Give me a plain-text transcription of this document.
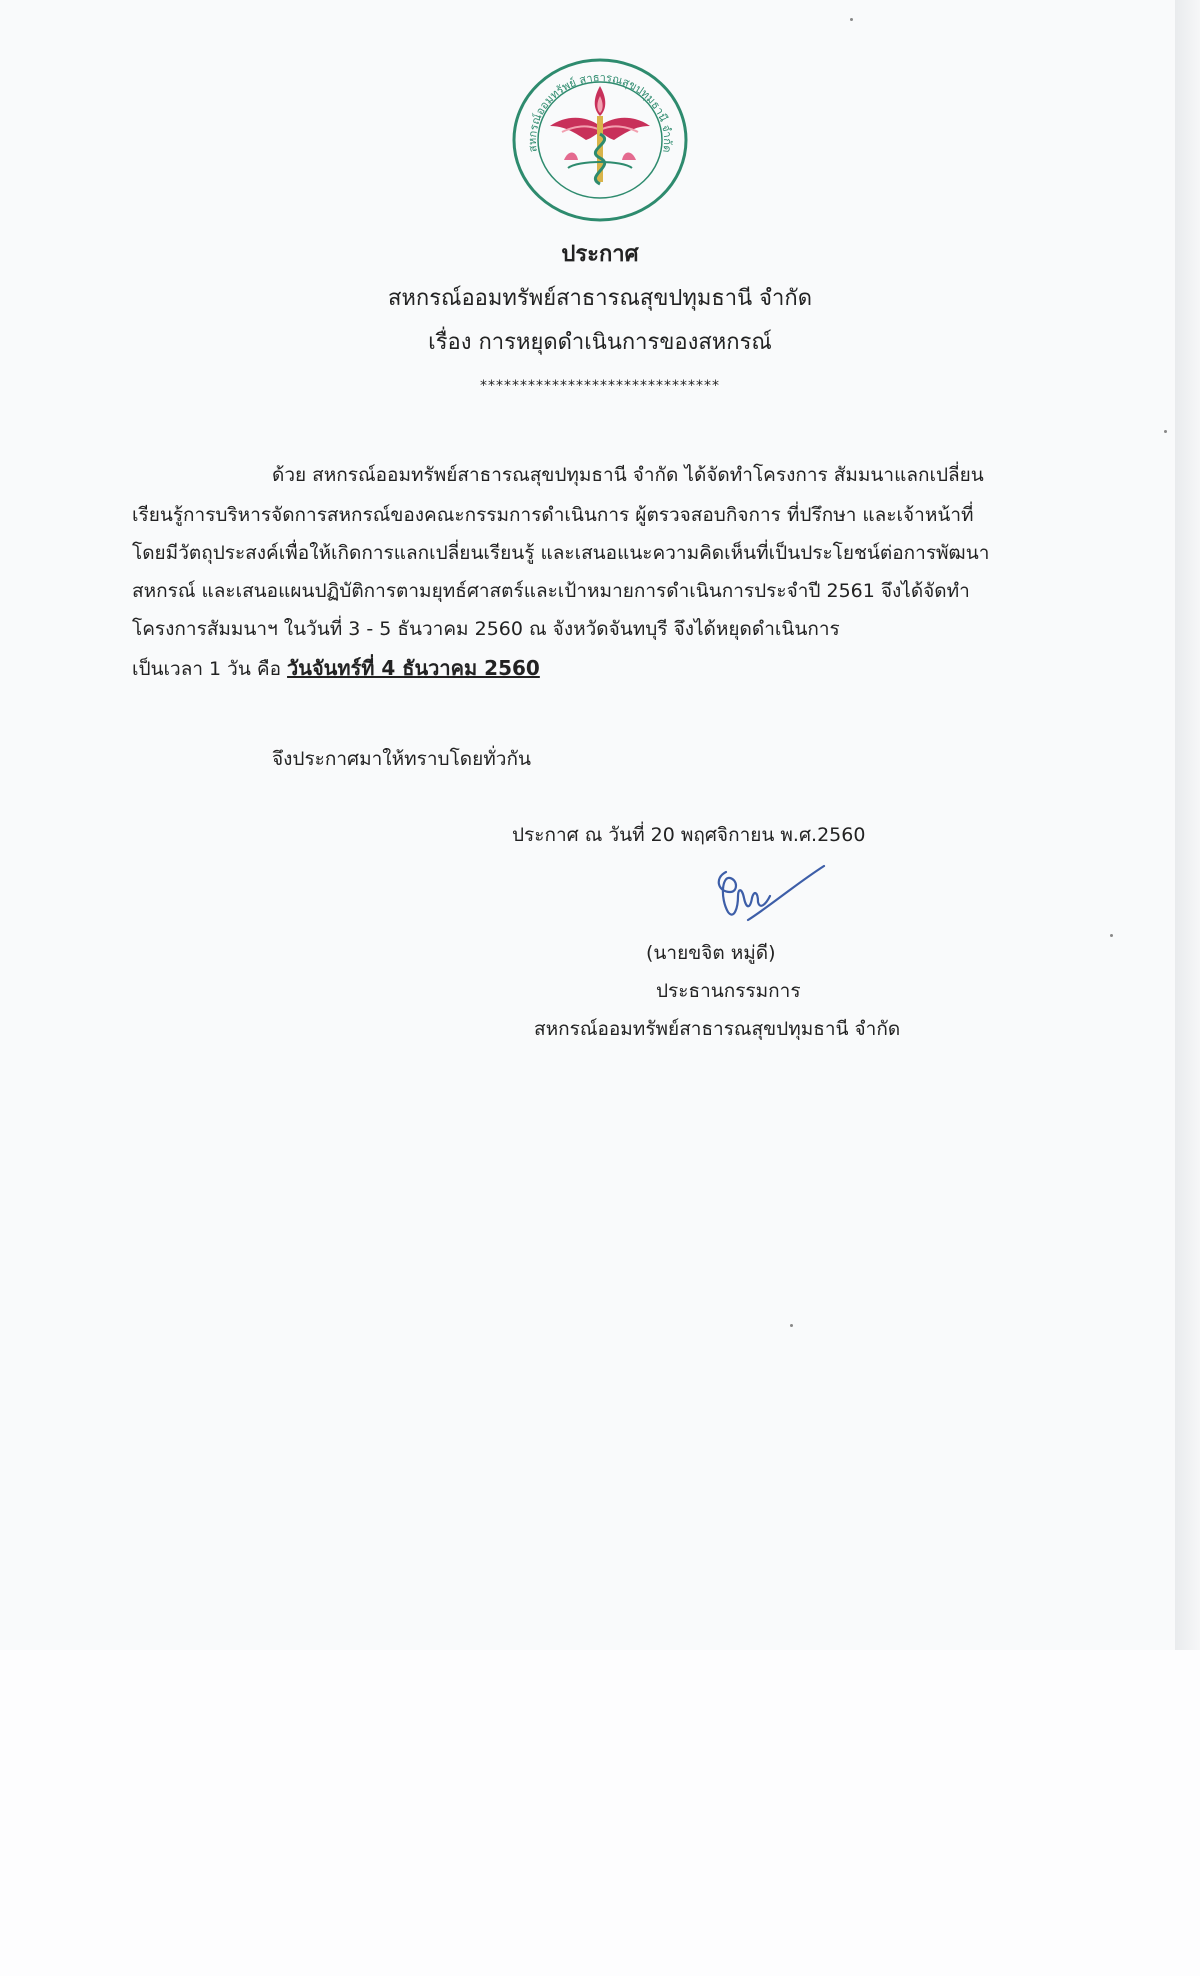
สหกรณ์ออมทรัพย์ สาธารณสุขปทุมธานี จำกัด
ประกาศ
สหกรณ์ออมทรัพย์สาธารณสุขปทุมธานี จำกัด
เรื่อง การหยุดดำเนินการของสหกรณ์
******************************
ด้วย สหกรณ์ออมทรัพย์สาธารณสุขปทุมธานี จำกัด ได้จัดทำโครงการ สัมมนาแลกเปลี่ยน
เรียนรู้การบริหารจัดการสหกรณ์ของคณะกรรมการดำเนินการ ผู้ตรวจสอบกิจการ ที่ปรึกษา และเจ้าหน้าที่
โดยมีวัตถุประสงค์เพื่อให้เกิดการแลกเปลี่ยนเรียนรู้ และเสนอแนะความคิดเห็นที่เป็นประโยชน์ต่อการพัฒนา
สหกรณ์ และเสนอแผนปฏิบัติการตามยุทธ์ศาสตร์และเป้าหมายการดำเนินการประจำปี 2561 จึงได้จัดทำ
โครงการสัมมนาฯ ในวันที่ 3 - 5 ธันวาคม 2560 ณ จังหวัดจันทบุรี จึงได้หยุดดำเนินการ
เป็นเวลา 1 วัน คือ วันจันทร์ที่ 4 ธันวาคม 2560
จึงประกาศมาให้ทราบโดยทั่วกัน
ประกาศ ณ วันที่ 20 พฤศจิกายน พ.ศ.2560
(นายขจิต หมู่ดี)
ประธานกรรมการ
สหกรณ์ออมทรัพย์สาธารณสุขปทุมธานี จำกัด
